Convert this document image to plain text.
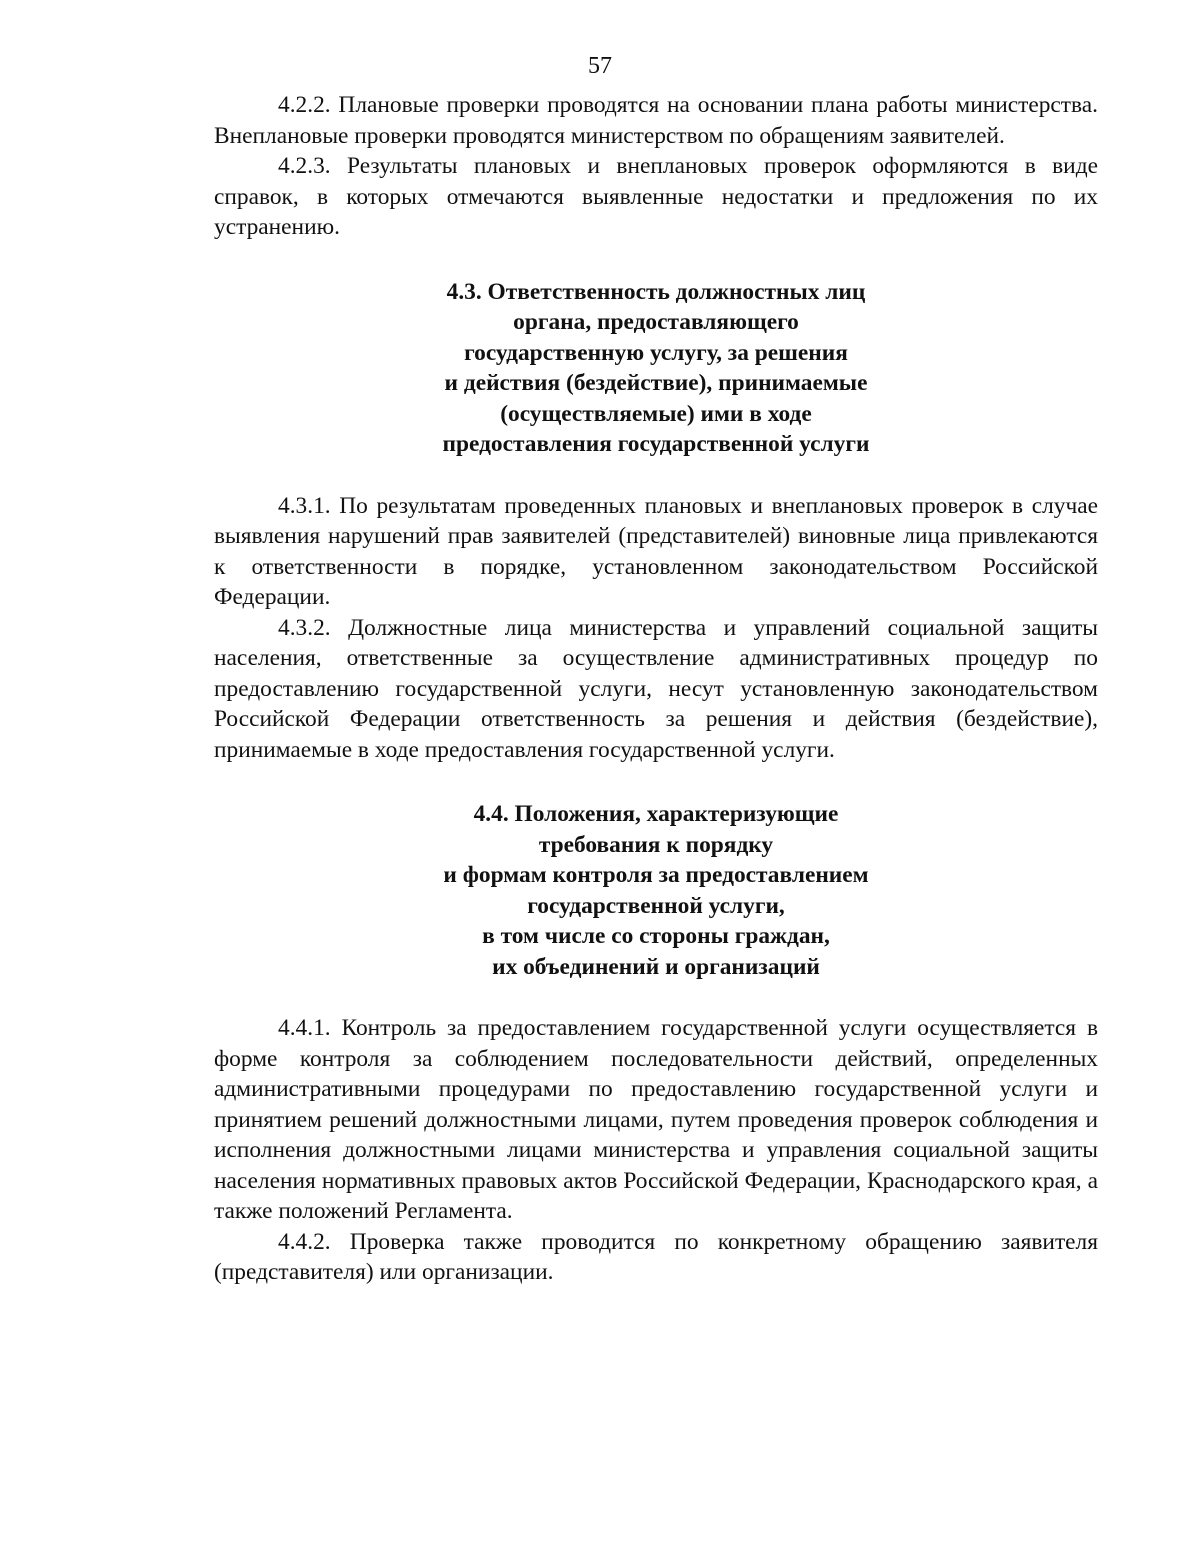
57

4.2.2. Плановые проверки проводятся на основании плана работы министерства. Внеплановые проверки проводятся министерством по обращениям заявителей.

4.2.3. Результаты плановых и внеплановых проверок оформляются в виде справок, в которых отмечаются выявленные недостатки и предложения по их устранению.

4.3. Ответственность должностных лиц
органа, предоставляющего
государственную услугу, за решения
и действия (бездействие), принимаемые
(осуществляемые) ими в ходе
предоставления государственной услуги

4.3.1. По результатам проведенных плановых и внеплановых проверок в случае выявления нарушений прав заявителей (представителей) виновные лица привлекаются к ответственности в порядке, установленном законодательством Российской Федерации.

4.3.2. Должностные лица министерства и управлений социальной защиты населения, ответственные за осуществление административных процедур по предоставлению государственной услуги, несут установленную законодательством Российской Федерации ответственность за решения и действия (бездействие), принимаемые в ходе предоставления государственной услуги.

4.4. Положения, характеризующие
требования к порядку
и формам контроля за предоставлением
государственной услуги,
в том числе со стороны граждан,
их объединений и организаций

4.4.1. Контроль за предоставлением государственной услуги осуществляется в форме контроля за соблюдением последовательности действий, определенных административными процедурами по предоставлению государственной услуги и принятием решений должностными лицами, путем проведения проверок соблюдения и исполнения должностными лицами министерства и управления социальной защиты населения нормативных правовых актов Российской Федерации, Краснодарского края, а также положений Регламента.

4.4.2. Проверка также проводится по конкретному обращению заявителя (представителя) или организации.
